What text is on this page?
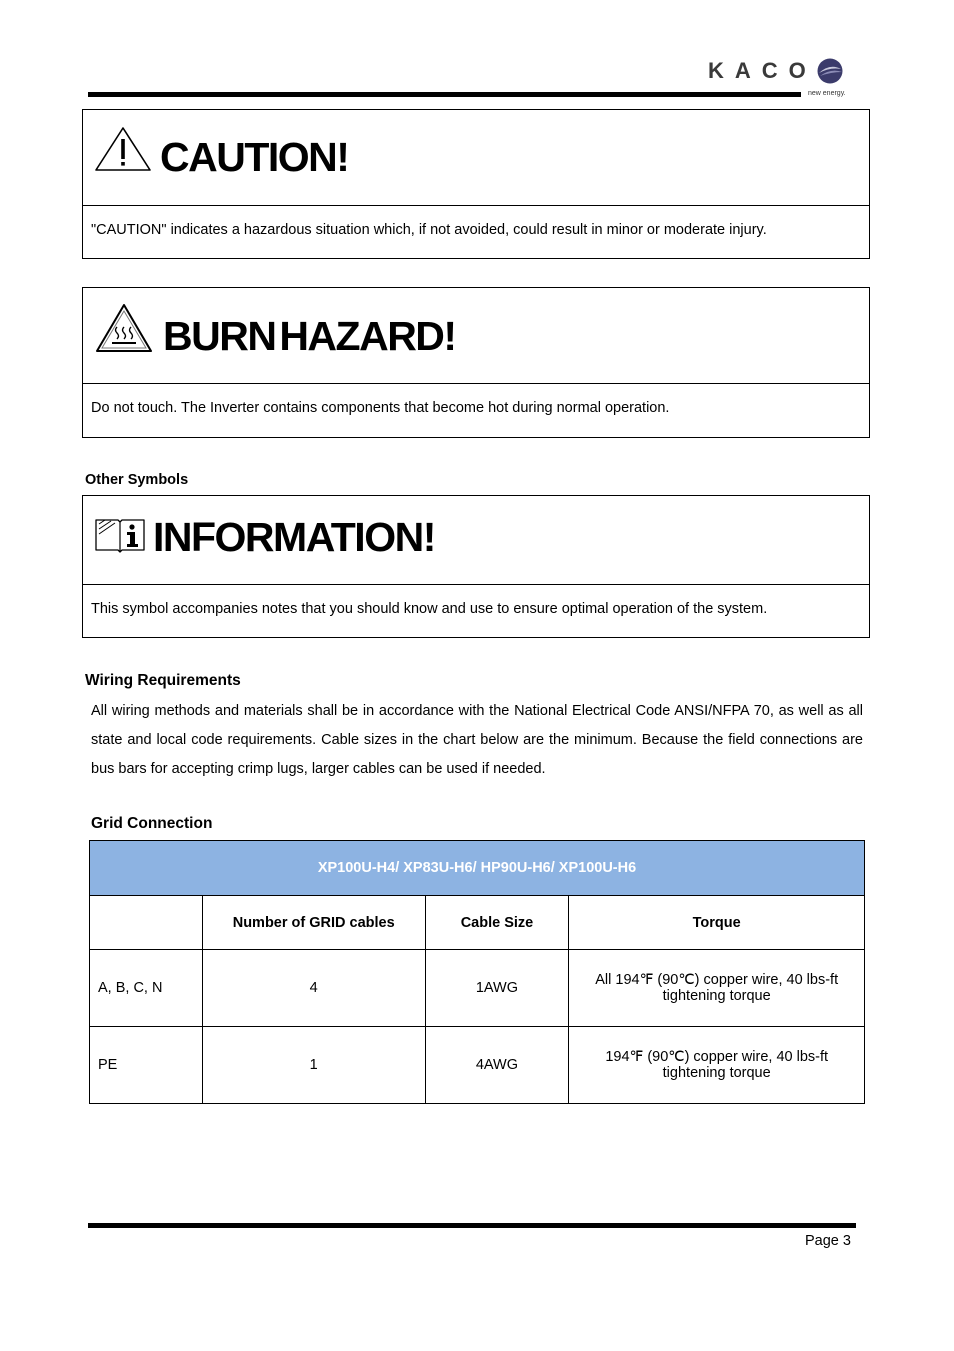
KACO
new energy.
CAUTION!
"CAUTION" indicates a hazardous situation which, if not avoided, could result in minor or moderate injury.
BURN HAZARD!
Do not touch. The Inverter contains components that become hot during normal operation.
Other Symbols
INFORMATION!
This symbol accompanies notes that you should know and use to ensure optimal operation of the system.
Wiring Requirements
All wiring methods and materials shall be in accordance with the National Electrical Code ANSI/NFPA 70, as well as all state and local code requirements. Cable sizes in the chart below are the minimum. Because the field connections are bus bars for accepting crimp lugs, larger cables can be used if needed.
Grid Connection
XP100U-H4/ XP83U-H6/ HP90U-H6/ XP100U-H6			
	Number of GRID cables	Cable Size	Torque
A, B, C, N	4	1AWG	All 194℉ (90℃) copper wire, 40 lbs-ft tightening torque
PE	1	4AWG	194℉ (90℃) copper wire, 40 lbs-ft tightening torque
Page 3
